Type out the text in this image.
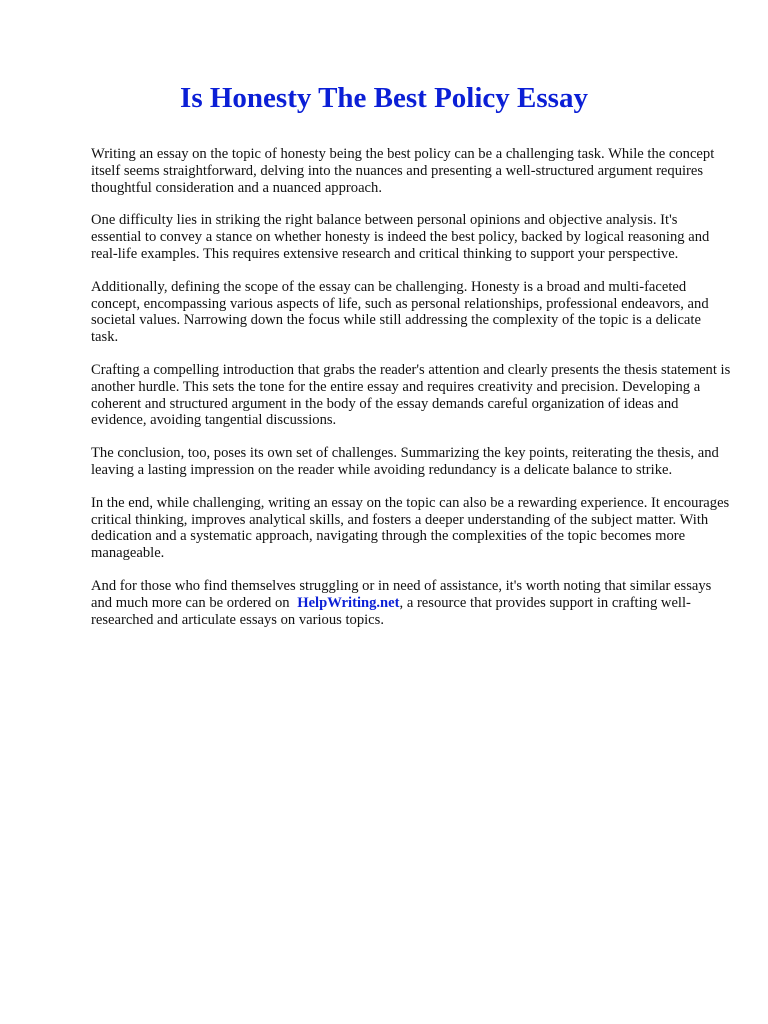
Is Honesty The Best Policy Essay

Writing an essay on the topic of honesty being the best policy can be a challenging task. While the concept itself seems straightforward, delving into the nuances and presenting a well-structured argument requires thoughtful consideration and a nuanced approach.

One difficulty lies in striking the right balance between personal opinions and objective analysis. It's essential to convey a stance on whether honesty is indeed the best policy, backed by logical reasoning and real-life examples. This requires extensive research and critical thinking to support your perspective.

Additionally, defining the scope of the essay can be challenging. Honesty is a broad and multi-faceted concept, encompassing various aspects of life, such as personal relationships, professional endeavors, and societal values. Narrowing down the focus while still addressing the complexity of the topic is a delicate task.

Crafting a compelling introduction that grabs the reader's attention and clearly presents the thesis statement is another hurdle. This sets the tone for the entire essay and requires creativity and precision. Developing a coherent and structured argument in the body of the essay demands careful organization of ideas and evidence, avoiding tangential discussions.

The conclusion, too, poses its own set of challenges. Summarizing the key points, reiterating the thesis, and leaving a lasting impression on the reader while avoiding redundancy is a delicate balance to strike.

In the end, while challenging, writing an essay on the topic can also be a rewarding experience. It encourages critical thinking, improves analytical skills, and fosters a deeper understanding of the subject matter. With dedication and a systematic approach, navigating through the complexities of the topic becomes more manageable.

And for those who find themselves struggling or in need of assistance, it's worth noting that similar essays and much more can be ordered on HelpWriting.net, a resource that provides support in crafting well-researched and articulate essays on various topics.
